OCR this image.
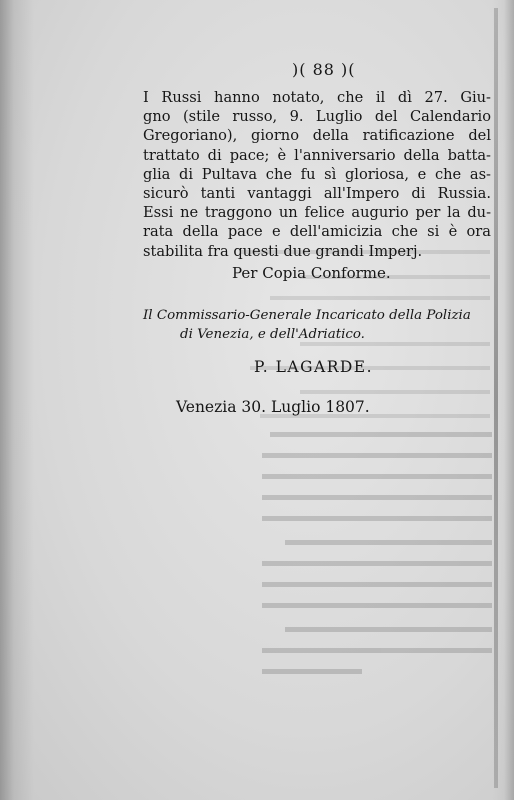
)( 88 )(
I Russi hanno notato, che il dì 27. Giu-
gno (stile russo, 9. Luglio del Calendario
Gregoriano), giorno della ratificazione del
trattato di pace; è l'anniversario della batta-
glia di Pultava che fu sì gloriosa, e che as-
sicurò tanti vantaggi all'Impero di Russia.
Essi ne traggono un felice augurio per la du-
rata della pace e dell'amicizia che si è ora
stabilita fra questi due grandi Imperj.
Per Copia Conforme.
Il Commissario-Generale Incaricato della Polizia
di Venezia, e dell'Adriatico.
P. LAGARDE.
Venezia 30. Luglio 1807.
